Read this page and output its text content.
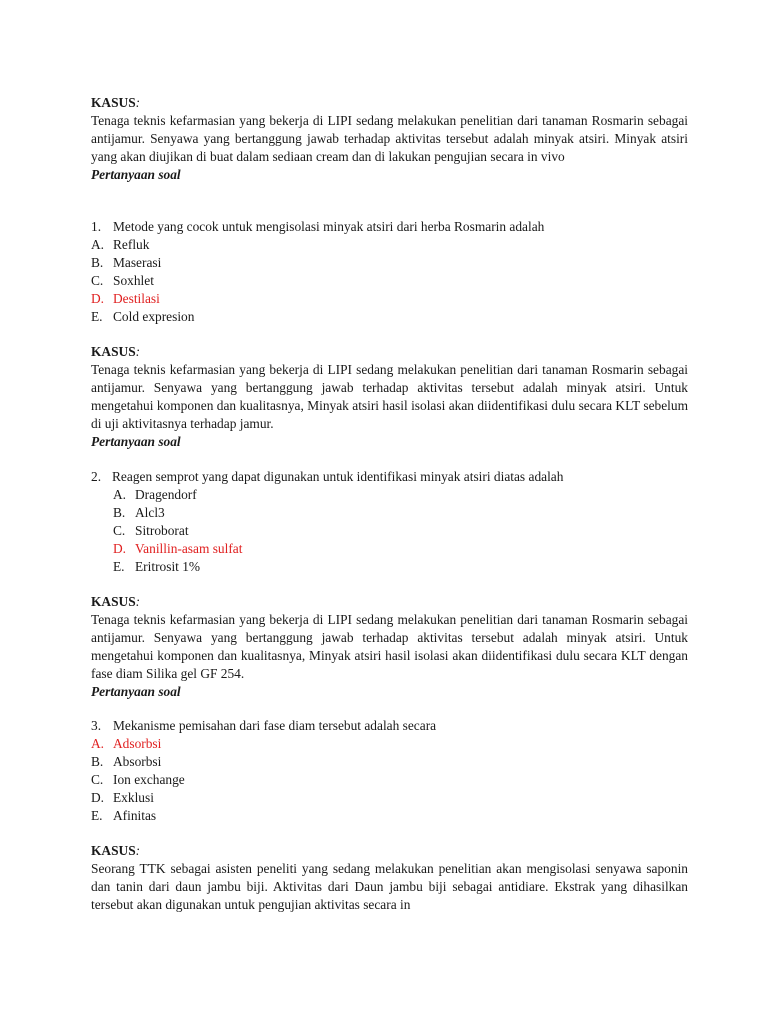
KASUS:
Tenaga teknis kefarmasian yang bekerja di LIPI sedang melakukan penelitian dari tanaman Rosmarin sebagai antijamur. Senyawa yang bertanggung jawab terhadap aktivitas tersebut adalah minyak atsiri. Minyak atsiri yang akan diujikan di buat dalam sediaan cream dan di lakukan pengujian secara in vivo
Pertanyaan soal
1. Metode yang cocok untuk mengisolasi minyak atsiri dari herba Rosmarin adalah
A. Refluk
B. Maserasi
C. Soxhlet
D. Destilasi
E. Cold expresion
KASUS:
Tenaga teknis kefarmasian yang bekerja di LIPI sedang melakukan penelitian dari tanaman Rosmarin sebagai antijamur. Senyawa yang bertanggung jawab terhadap aktivitas tersebut adalah minyak atsiri. Untuk mengetahui komponen dan kualitasnya, Minyak atsiri hasil isolasi akan diidentifikasi dulu secara KLT sebelum di uji aktivitasnya terhadap jamur.
Pertanyaan soal
2. Reagen semprot yang dapat digunakan untuk identifikasi minyak atsiri diatas adalah
A. Dragendorf
B. Alcl3
C. Sitroborat
D. Vanillin-asam sulfat
E. Eritrosit 1%
KASUS:
Tenaga teknis kefarmasian yang bekerja di LIPI sedang melakukan penelitian dari tanaman Rosmarin sebagai antijamur. Senyawa yang bertanggung jawab terhadap aktivitas tersebut adalah minyak atsiri. Untuk mengetahui komponen dan kualitasnya, Minyak atsiri hasil isolasi akan diidentifikasi dulu secara KLT dengan fase diam Silika gel GF 254.
Pertanyaan soal
3. Mekanisme pemisahan dari fase diam tersebut adalah secara
A. Adsorbsi
B. Absorbsi
C. Ion exchange
D. Exklusi
E. Afinitas
KASUS:
Seorang TTK sebagai asisten peneliti yang sedang melakukan penelitian akan mengisolasi senyawa saponin dan tanin dari daun jambu biji. Aktivitas dari Daun jambu biji sebagai antidiare. Ekstrak yang dihasilkan tersebut akan digunakan untuk pengujian aktivitas secara in
